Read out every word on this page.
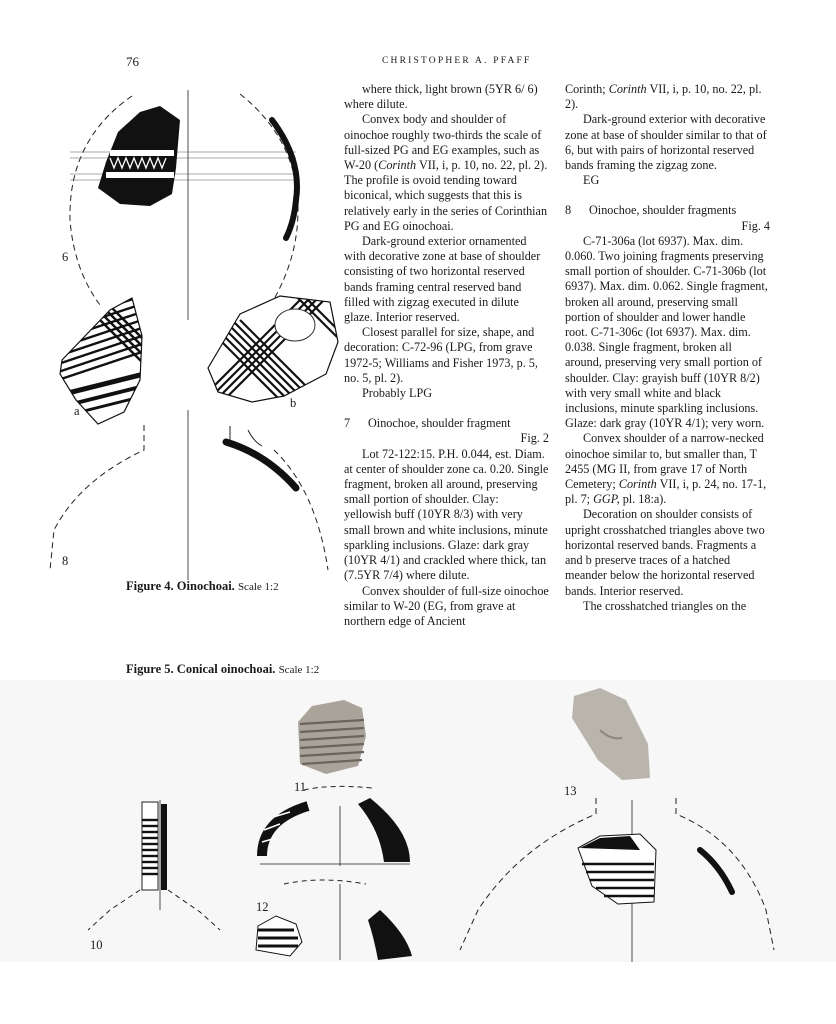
76	CHRISTOPHER A. PFAFF
6
a
b
8
Figure 4. Oinochoai. Scale 1:2
Figure 5. Conical oinochoai. Scale 1:2

where thick, light brown (5YR 6/ 6) where dilute.

Convex body and shoulder of oinochoe roughly two-thirds the scale of full-sized PG and EG examples, such as W-20 (Corinth VII, i, p. 10, no. 22, pl. 2). The profile is ovoid tending toward biconical, which suggests that this is relatively early in the series of Corinthian PG and EG oinochoai.

Dark-ground exterior ornamented with decorative zone at base of shoulder consisting of two horizontal reserved bands framing central reserved band filled with zigzag executed in dilute glaze. Interior reserved.

Closest parallel for size, shape, and decoration: C-72-96 (LPG, from grave 1972-5; Williams and Fisher 1973, p. 5, no. 5, pl. 2).

Probably LPG

7 Oinochoe, shoulder fragment

Fig. 2

Lot 72-122:15. P.H. 0.044, est. Diam. at center of shoulder zone ca. 0.20. Single fragment, broken all around, preserving small portion of shoulder. Clay: yellowish buff (10YR 8/3) with very small brown and white inclusions, minute sparkling inclusions. Glaze: dark gray (10YR 4/1) and crackled where thick, tan (7.5YR 7/4) where dilute.

Convex shoulder of full-size oinochoe similar to W-20 (EG, from grave at northern edge of Ancient

Corinth; Corinth VII, i, p. 10, no. 22, pl. 2).

Dark-ground exterior with decorative zone at base of shoulder similar to that of 6, but with pairs of horizontal reserved bands framing the zigzag zone.

EG

8 Oinochoe, shoulder fragments

Fig. 4

C-71-306a (lot 6937). Max. dim. 0.060. Two joining fragments preserving small portion of shoulder. C-71-306b (lot 6937). Max. dim. 0.062. Single fragment, broken all around, preserving small portion of shoulder and lower handle root. C-71-306c (lot 6937). Max. dim. 0.038. Single fragment, broken all around, preserving very small portion of shoulder. Clay: grayish buff (10YR 8/2) with very small white and black inclusions, minute sparkling inclusions. Glaze: dark gray (10YR 4/1); very worn.

Convex shoulder of a narrow-necked oinochoe similar to, but smaller than, T 2455 (MG II, from grave 17 of North Cemetery; Corinth VII, i, p. 24, no. 17-1, pl. 7; GGP, pl. 18:a).

Decoration on shoulder consists of upright crosshatched triangles above two horizontal reserved bands. Fragments a and b preserve traces of a hatched meander below the horizontal reserved bands. Interior reserved.

The crosshatched triangles on the

11	13
12
10
